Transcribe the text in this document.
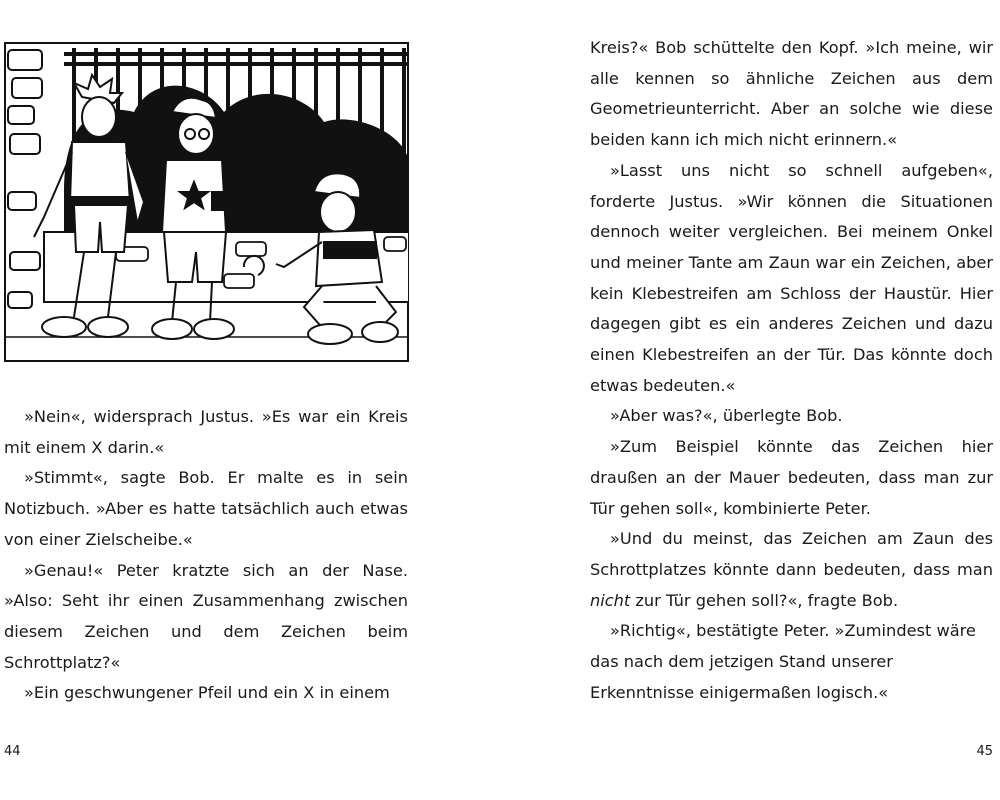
»Nein«, widersprach Justus. »Es war ein Kreis mit einem X darin.«

»Stimmt«, sagte Bob. Er malte es in sein Notizbuch. »Aber es hatte tatsächlich auch etwas von einer Zielscheibe.«

»Genau!« Peter kratzte sich an der Nase. »Also: Seht ihr einen Zusammenhang zwischen diesem Zeichen und dem Zeichen beim Schrottplatz?«

»Ein geschwungener Pfeil und ein X in einem

44

Kreis?« Bob schüttelte den Kopf. »Ich meine, wir alle kennen so ähnliche Zeichen aus dem Geometrieunterricht. Aber an solche wie diese beiden kann ich mich nicht erinnern.«

»Lasst uns nicht so schnell aufgeben«, forderte Justus. »Wir können die Situationen dennoch weiter vergleichen. Bei meinem Onkel und meiner Tante am Zaun war ein Zeichen, aber kein Klebestreifen am Schloss der Haustür. Hier dagegen gibt es ein anderes Zeichen und dazu einen Klebestreifen an der Tür. Das könnte doch etwas bedeuten.«

»Aber was?«, überlegte Bob.

»Zum Beispiel könnte das Zeichen hier draußen an der Mauer bedeuten, dass man zur Tür gehen soll«, kombinierte Peter.

»Und du meinst, das Zeichen am Zaun des Schrottplatzes könnte dann bedeuten, dass man nicht zur Tür gehen soll?«, fragte Bob.

»Richtig«, bestätigte Peter. »Zumindest wäre das nach dem jetzigen Stand unserer Erkenntnisse einigermaßen logisch.«

45
